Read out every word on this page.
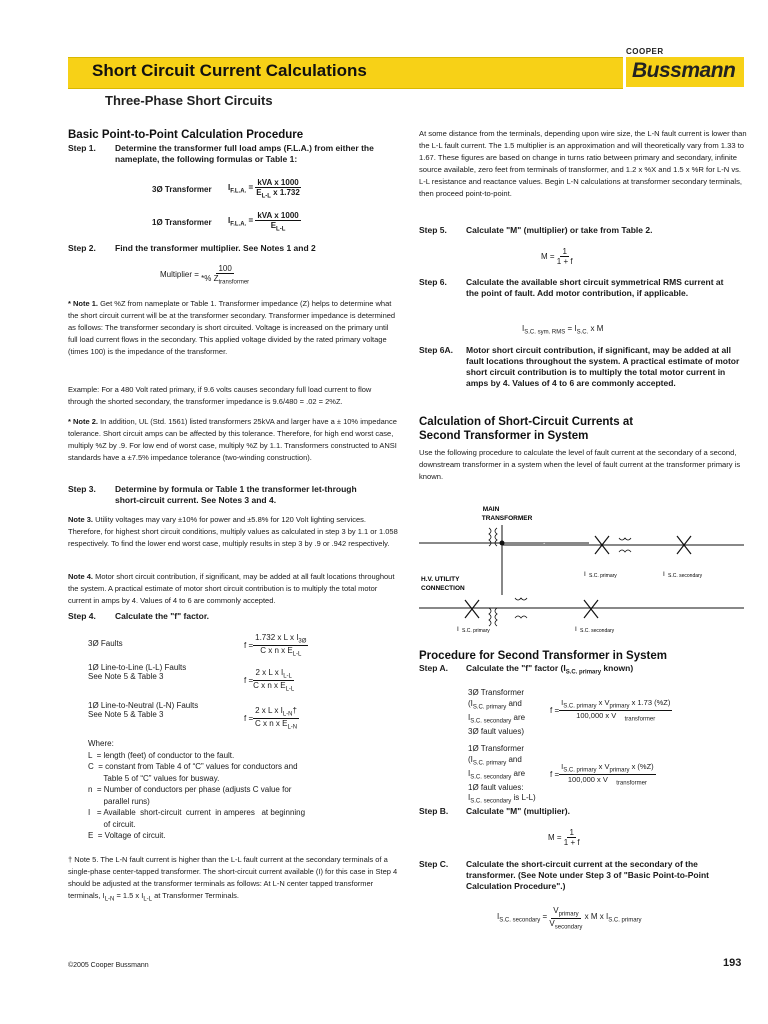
COOPER
Bussmann
Short Circuit Current Calculations
Three-Phase Short Circuits
Basic Point-to-Point Calculation Procedure
Step 1.	Determine the transformer full load amps (F.L.A.) from either the nameplate, the following formulas or Table 1:
3Ø Transformer $I_{F.L.A.} = \frac{\text{kVA x 1000}}{E_{L-L} x 1.732}$
1Ø Transformer $I_{F.L.A.} = \frac{\text{kVA x 1000}}{E_{L-L}}$
Step 2.	Find the transformer multiplier. See Notes 1 and 2
Multiplier =
$\frac{100}{*\% Z_{transformer}}$
* Note 1. Get %Z from nameplate or Table 1. Transformer impedance (Z) helps to determine what the short circuit current will be at the transformer secondary. Transformer impedance is determined as follows: The transformer secondary is short circuited. Voltage is increased on the primary until full load current flows in the secondary. This applied voltage divided by the rated primary voltage (times 100) is the impedance of the transformer.
Example: For a 480 Volt rated primary, if 9.6 volts causes secondary full load current to flow through the shorted secondary, the transformer impedance is 9.6/480 = .02 = 2%Z.
* Note 2. In addition, UL (Std. 1561) listed transformers 25kVA and larger have a ± 10% impedance tolerance. Short circuit amps can be affected by this tolerance. Therefore, for high end worst case, multiply %Z by .9. For low end of worst case, multiply %Z by 1.1. Transformers constructed to ANSI standards have a ±7.5% impedance tolerance (two-winding construction).
Step 3.	Determine by formula or Table 1 the transformer let-through short-circuit current. See Notes 3 and 4.
Note 3. Utility voltages may vary ±10% for power and ±5.8% for 120 Volt lighting services. Therefore, for highest short circuit conditions, multiply values as calculated in step 3 by 1.1 or 1.058 respectively. To find the lower end worst case, multiply results in step 3 by .9 or .942 respectively.
Note 4. Motor short circuit contribution, if significant, may be added at all fault locations throughout the system. A practical estimate of motor short circuit contribution is to multiply the total motor current in amps by 4. Values of 4 to 6 are commonly accepted.
Step 4.	Calculate the "f" factor.
3Ø Faults	$f = \frac{1.732 x L x I_{3Ø}}{C x n x E_{L-L}}$
1Ø Line-to-Line (L-L) Faults
See Note 5 & Table 3	$f = \frac{2 x L x I_{L-L}}{C x n x E_{L-L}}$
1Ø Line-to-Neutral (L-N) Faults
See Note 5 & Table 3	$f = \frac{2 x L x I_{L-N}\dagger}{C x n x E_{L-N}}$
Where:
L  = length (feet) of conductor to the fault.
C  = constant from Table 4 of “C” values for conductors and
Table 5 of “C” values for busway.
n  = Number of conductors per phase (adjusts C value for
parallel runs)
I   = Available  short-circuit  current  in amperes   at beginning
of circuit.
E  = Voltage of circuit.
† Note 5. The L-N fault current is higher than the L-L fault current at the secondary terminals of a single-phase center-tapped transformer. The short-circuit current available (I) for this case in Step 4 should be adjusted at the transformer terminals as follows: At L-N center tapped transformer terminals, $I_{L-N} = 1.5$ x $I_{L-L}$ at Transformer Terminals.
At some distance from the terminals, depending upon wire size, the L-N fault current is lower than the L-L fault current. The 1.5 multiplier is an approximation and will theoretically vary from 1.33 to 1.67. These figures are based on change in turns ratio between primary and secondary, infinite source available, zero feet from terminals of transformer, and 1.2 x %X and 1.5 x %R for L-N vs. L-L resistance and reactance values. Begin L-N calculations at transformer secondary terminals, then proceed point-to-point.
Step 5.	Calculate "M" (multiplier) or take from Table 2.
M =
$\frac{1}{1 + f}$
Step 6.	Calculate the available short circuit symmetrical RMS current at the point of fault. Add motor contribution, if applicable.
$I_{S.C. sym. RMS} = I_{S.C.}$ x M
Step 6A.	Motor short circuit contribution, if significant, may be added at all fault locations throughout the system. A practical estimate of motor short circuit contribution is to multiply the total motor current in amps by 4. Values of 4 to 6 are commonly accepted.
Calculation of Short-Circuit Currents at
Second Transformer in System
Use the following procedure to calculate the level of fault current at the secondary of a second, downstream transformer in a system when the level of fault current at the transformer primary is known.
MAIN
TRANSFORMER
I S.C. primary	I S.C. secondary
H.V. UTILITY
CONNECTION
I S.C. primary	I S.C. secondary
Procedure for Second Transformer in System
Step A.	Calculate the "f" factor ($I_{S.C. primary}$ known)
3Ø Transformer
($I_{S.C. primary}$ and
$I_{S.C. secondary}$ are
3Ø fault values)
$f = \frac{I_{S.C. primary} x V_{primary} x 1.73 (\%Z)}{100,000 x V _{transformer}}$
1Ø Transformer
($I_{S.C. primary}$ and
$I_{S.C. secondary}$ are
1Ø fault values:
$I_{S.C. secondary}$ is L-L)
$f = \frac{I_{S.C. primary} x V_{primary} x (\%Z)}{100,000 x V _{transformer}}$
Step B.	Calculate "M" (multiplier).
M =
$\frac{1}{1 + f}$
Step C.	Calculate the short-circuit current at the secondary of the transformer. (See Note under Step 3 of "Basic Point-to-Point Calculation Procedure".)
$I_{S.C. secondary} = \frac{V_{primary}}{V_{secondary}}$ x M x $I_{S.C. primary}$
©2005 Cooper Bussmann	193
